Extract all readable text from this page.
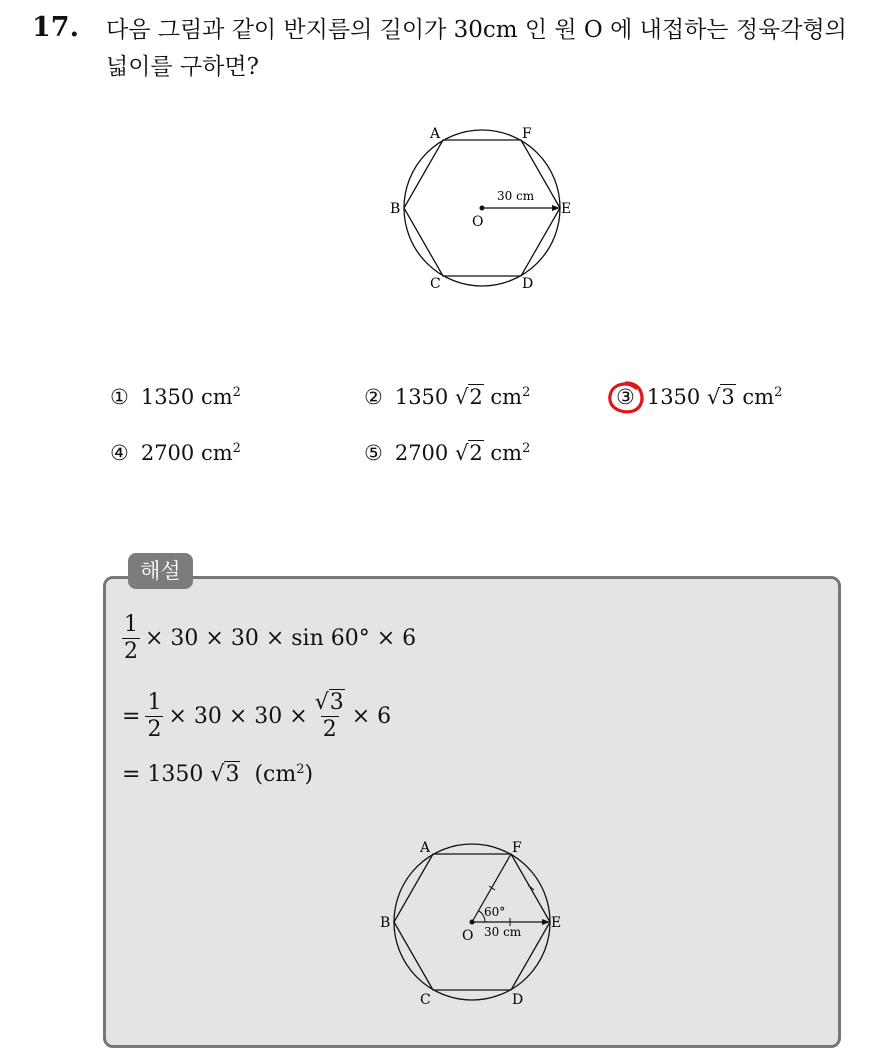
17. 다음 그림과 같이 반지름의 길이가 30cm 인 원 O 에 내접하는 정육각형의 넓이를 구하면?
A	F
B	E
C	D
O
30 cm
① 1350 $cm^2$	② 1350 √2 $cm^2$	③ 1350 √3 $cm^2$
④ 2700 $cm^2$	⑤ 2700 √2 $cm^2$
해설
$\frac{1}{2} \times 30 \times 30 \times \sin 60^\circ \times 6$
= $\frac{1}{2} \times 30 \times 30 \times \frac{√3}{2} \times 6$
= 1350
√3
($cm^2$ )
A	F
B	E
C	D
O
60°
30 cm
